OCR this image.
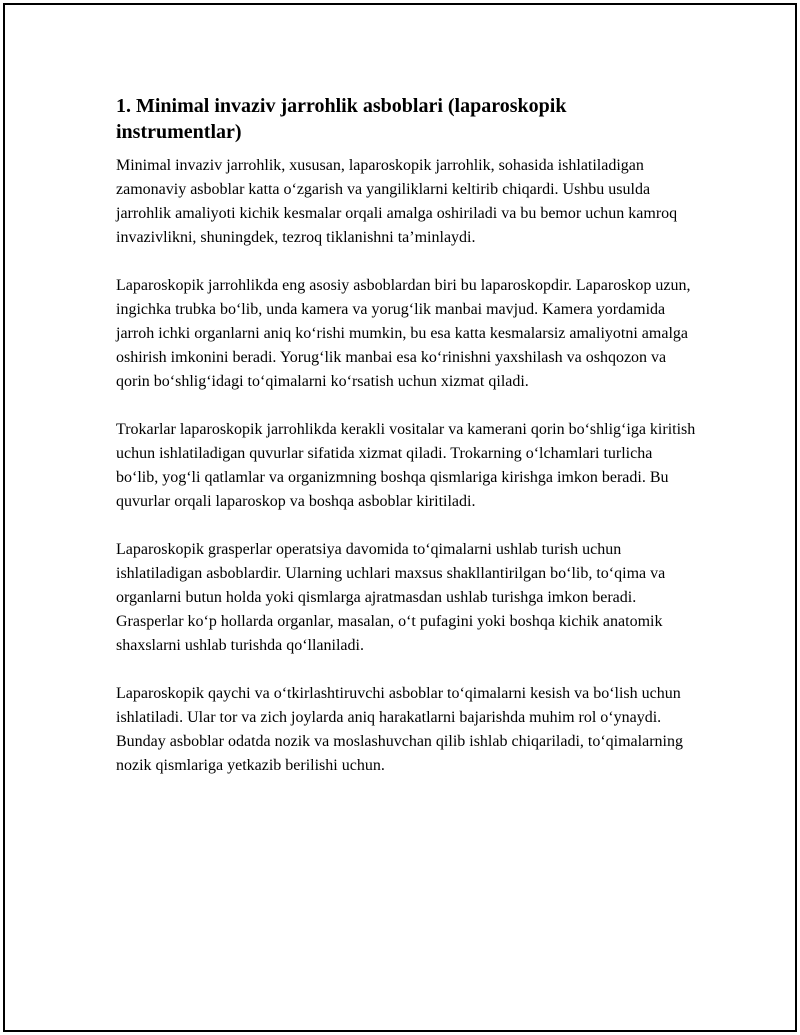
1. Minimal invaziv jarrohlik asboblari (laparoskopik instrumentlar)

Minimal invaziv jarrohlik, xususan, laparoskopik jarrohlik, sohasida ishlatiladigan zamonaviy asboblar katta o‘zgarish va yangiliklarni keltirib chiqardi. Ushbu usulda jarrohlik amaliyoti kichik kesmalar orqali amalga oshiriladi va bu bemor uchun kamroq invazivlikni, shuningdek, tezroq tiklanishni ta’minlaydi.

Laparoskopik jarrohlikda eng asosiy asboblardan biri bu laparoskopdir. Laparoskop uzun, ingichka trubka bo‘lib, unda kamera va yorug‘lik manbai mavjud. Kamera yordamida jarroh ichki organlarni aniq ko‘rishi mumkin, bu esa katta kesmalarsiz amaliyotni amalga oshirish imkonini beradi. Yorug‘lik manbai esa ko‘rinishni yaxshilash va oshqozon va qorin bo‘shlig‘idagi to‘qimalarni ko‘rsatish uchun xizmat qiladi.

Trokarlar laparoskopik jarrohlikda kerakli vositalar va kamerani qorin bo‘shlig‘iga kiritish uchun ishlatiladigan quvurlar sifatida xizmat qiladi. Trokarning o‘lchamlari turlicha bo‘lib, yog‘li qatlamlar va organizmning boshqa qismlariga kirishga imkon beradi. Bu quvurlar orqali laparoskop va boshqa asboblar kiritiladi.

Laparoskopik grasperlar operatsiya davomida to‘qimalarni ushlab turish uchun ishlatiladigan asboblardir. Ularning uchlari maxsus shakllantirilgan bo‘lib, to‘qima va organlarni butun holda yoki qismlarga ajratmasdan ushlab turishga imkon beradi. Grasperlar ko‘p hollarda organlar, masalan, o‘t pufagini yoki boshqa kichik anatomik shaxslarni ushlab turishda qo‘llaniladi.

Laparoskopik qaychi va o‘tkirlashtiruvchi asboblar to‘qimalarni kesish va bo‘lish uchun ishlatiladi. Ular tor va zich joylarda aniq harakatlarni bajarishda muhim rol o‘ynaydi. Bunday asboblar odatda nozik va moslashuvchan qilib ishlab chiqariladi, to‘qimalarning nozik qismlariga yetkazib berilishi uchun.
